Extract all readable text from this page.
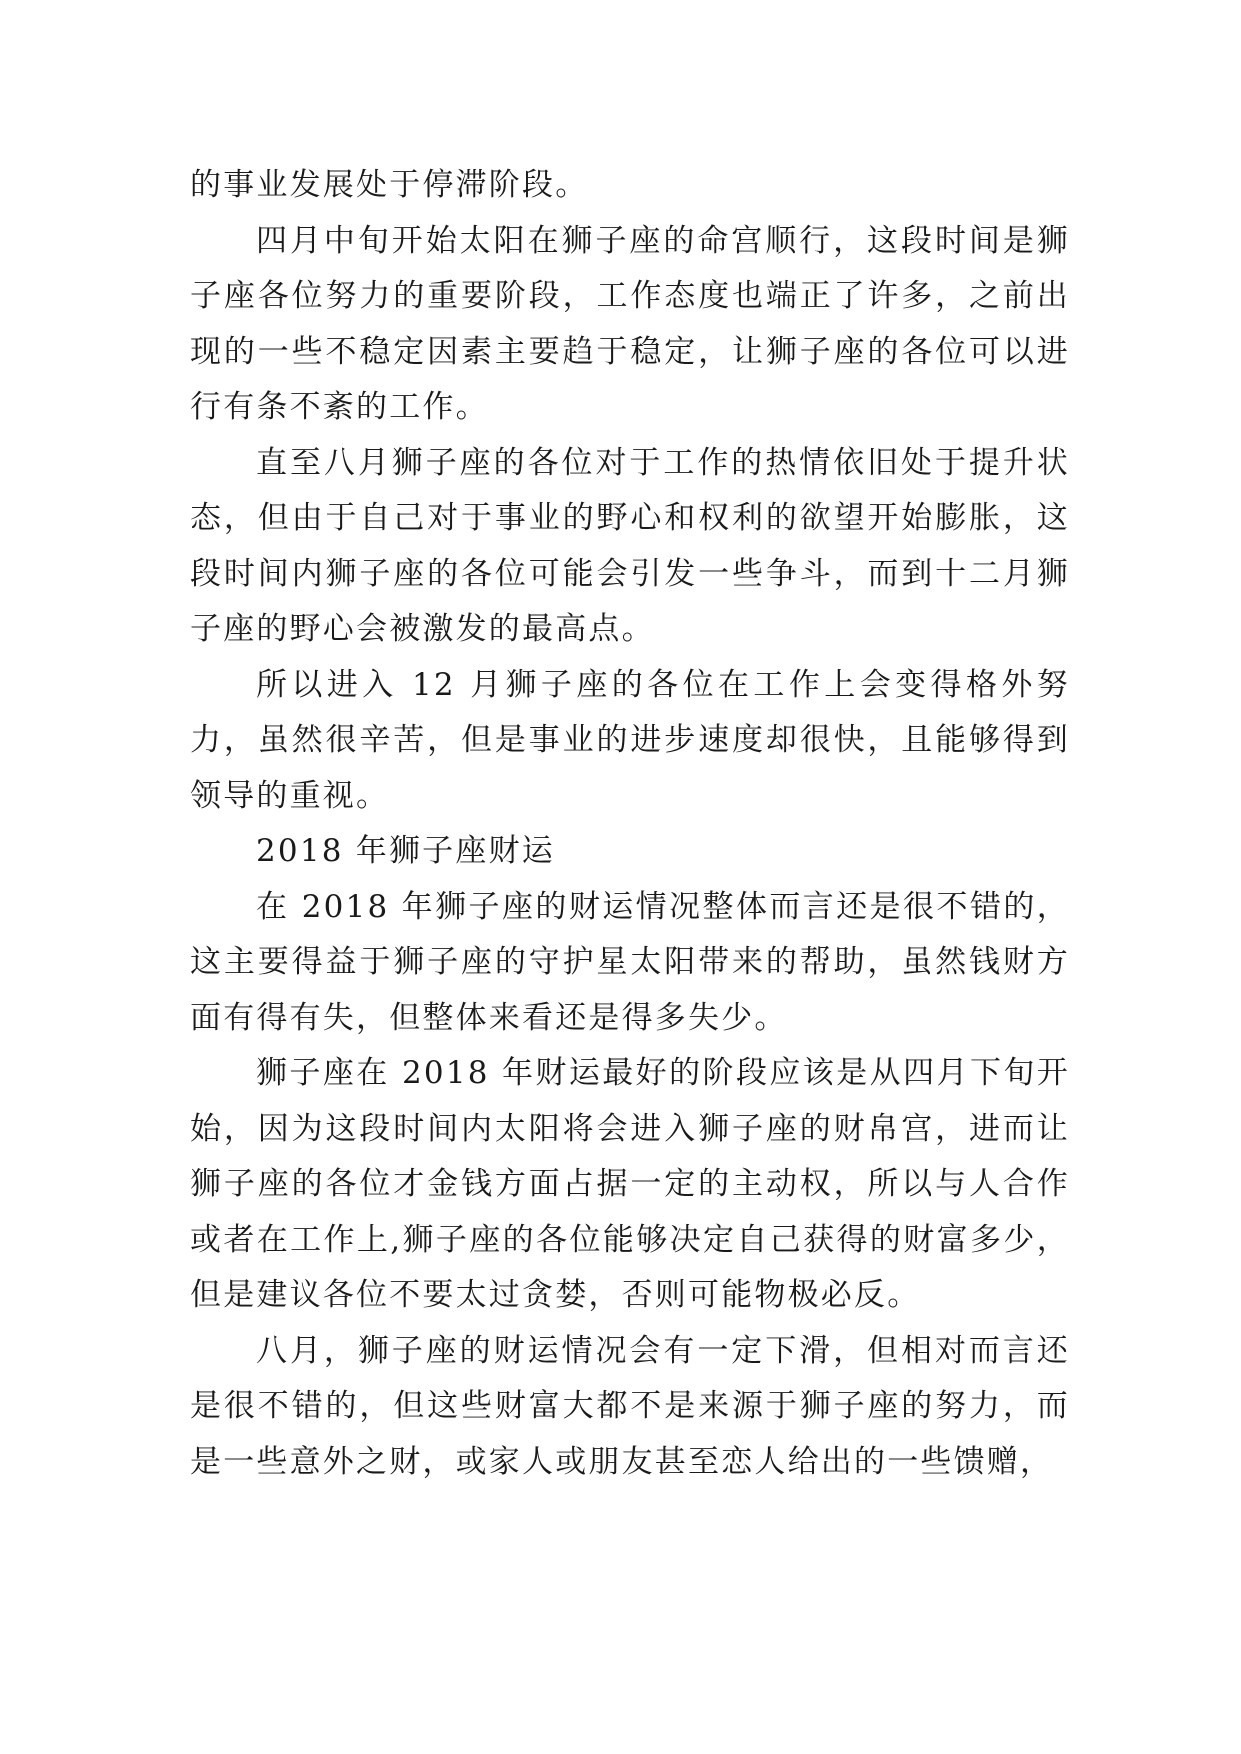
的事业发展处于停滞阶段。

四月中旬开始太阳在狮子座的命宫顺行，这段时间是狮子座各位努力的重要阶段，工作态度也端正了许多，之前出现的一些不稳定因素主要趋于稳定，让狮子座的各位可以进行有条不紊的工作。

直至八月狮子座的各位对于工作的热情依旧处于提升状态，但由于自己对于事业的野心和权利的欲望开始膨胀，这段时间内狮子座的各位可能会引发一些争斗，而到十二月狮子座的野心会被激发的最高点。

所以进入 12 月狮子座的各位在工作上会变得格外努力，虽然很辛苦，但是事业的进步速度却很快，且能够得到领导的重视。

2018 年狮子座财运

在 2018 年狮子座的财运情况整体而言还是很不错的，这主要得益于狮子座的守护星太阳带来的帮助，虽然钱财方面有得有失，但整体来看还是得多失少。

狮子座在 2018 年财运最好的阶段应该是从四月下旬开始，因为这段时间内太阳将会进入狮子座的财帛宫，进而让狮子座的各位才金钱方面占据一定的主动权，所以与人合作或者在工作上,狮子座的各位能够决定自己获得的财富多少，但是建议各位不要太过贪婪，否则可能物极必反。

八月，狮子座的财运情况会有一定下滑，但相对而言还是很不错的，但这些财富大都不是来源于狮子座的努力，而是一些意外之财，或家人或朋友甚至恋人给出的一些馈赠，
